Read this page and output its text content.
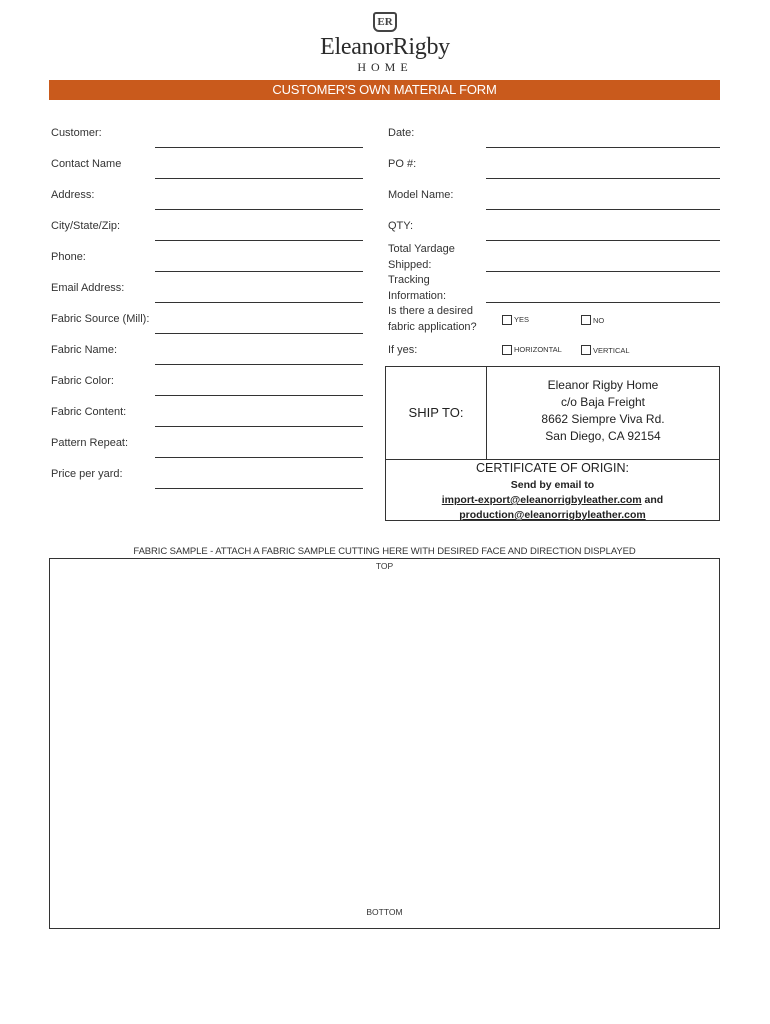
ER
EleanorRigby
HOME
CUSTOMER'S OWN MATERIAL FORM
Customer:
Contact Name
Address:
City/State/Zip:
Phone:
Email Address:
Fabric Source (Mill):
Fabric Name:
Fabric Color:
Fabric Content:
Pattern Repeat:
Price per yard:
Date:
PO #:
Model Name:
QTY:
Total Yardage
Shipped:
Tracking
Information:
Is there a desired
fabric application?
YES	NO
If yes:	HORIZONTAL	VERTICAL
SHIP TO:
Eleanor Rigby Home
c/o Baja Freight
8662 Siempre Viva Rd.
San Diego, CA 92154
CERTIFICATE OF ORIGIN:
Send by email to
import-export@eleanorrigbyleather.com and
production@eleanorrigbyleather.com
FABRIC SAMPLE - ATTACH A FABRIC SAMPLE CUTTING HERE WITH DESIRED FACE AND DIRECTION DISPLAYED
TOP
BOTTOM
